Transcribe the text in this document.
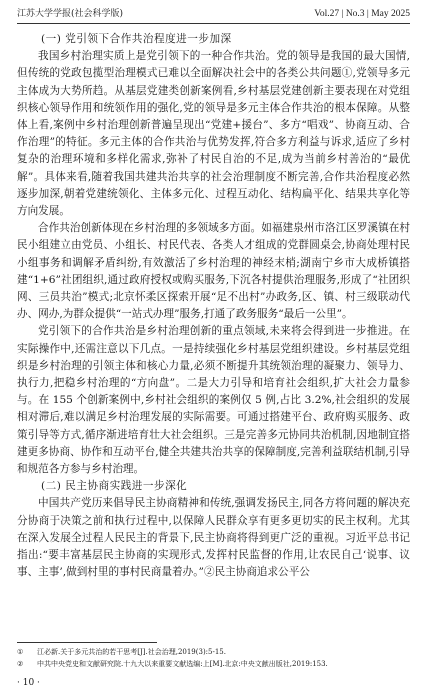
江苏大学学报(社会科学版)	Vol.27 | No.3 | May 2025
(一) 党引领下合作共治程度进一步加深

我国乡村治理实质上是党引领下的一种合作共治。党的领导是我国的最大国情,但传统的党政包揽型治理模式已难以全面解决社会中的各类公共问题①,党领导多元主体成为大势所趋。从基层党建类创新案例看,乡村基层党建创新主要表现在对党组织核心领导作用和统领作用的强化,党的领导是多元主体合作共治的根本保障。从整体上看,案例中乡村治理创新普遍呈现出“党建+援台”、多方“唱戏”、协商互动、合作治理”的特征。多元主体的合作共治与优势发挥,符合多方利益与诉求,适应了乡村复杂的治理环境和多样化需求,弥补了村民自治的不足,成为当前乡村善治的“最优解”。具体来看,随着我国共建共治共享的社会治理制度不断完善,合作共治程度必然逐步加深,朝着党建统领化、主体多元化、过程互动化、结构扁平化、结果共享化等方向发展。

合作共治创新体现在乡村治理的多领域多方面。如福建泉州市洛江区罗溪镇在村民小组建立由党员、小组长、村民代表、各类人才组成的党群圆桌会,协商处理村民小组事务和调解矛盾纠纷,有效激活了乡村治理的神经末梢;湖南宁乡市大成桥镇搭建“1+6”社团组织,通过政府授权或购买服务,下沉各村提供治理服务,形成了“社团织网、三员共治”模式;北京怀柔区探索开展“足不出村”办政务,区、镇、村三级联动代办、网办,为群众提供“一站式办理”服务,打通了政务服务“最后一公里”。

党引领下的合作共治是乡村治理创新的重点领域,未来将会得到进一步推进。在实际操作中,还需注意以下几点。一是持续强化乡村基层党组织建设。乡村基层党组织是乡村治理的引领主体和核心力量,必须不断提升其统领治理的凝聚力、领导力、执行力,把稳乡村治理的“方向盘”。二是大力引导和培育社会组织,扩大社会力量参与。在 155 个创新案例中,乡村社会组织的案例仅 5 例,占比 3.2%,社会组织的发展相对滞后,难以满足乡村治理发展的实际需要。可通过搭建平台、政府购买服务、政策引导等方式,循序渐进培育壮大社会组织。三是完善多元协同共治机制,因地制宜搭建更多协商、协作和互动平台,健全共建共治共享的保障制度,完善利益联结机制,引导和规范各方参与乡村治理。

(二) 民主协商实践进一步深化

中国共产党历来倡导民主协商精神和传统,强调发扬民主,同各方将问题的解决充分协商于决策之前和执行过程中,以保障人民群众享有更多更切实的民主权利。尤其在深入发展全过程人民民主的背景下,民主协商将得到更广泛的重视。习近平总书记指出:“要丰富基层民主协商的实现形式,发挥村民监督的作用,让农民自己‘说事、议事、主事’,做到村里的事村民商量着办。”②民主协商追求公平公

①	江必新.关于多元共治的若干思考[J].社会治理,2019(3):5-15.
②	中共中央党史和文献研究院.十九大以来重要文献选编:上[M].北京:中央文献出版社,2019:153.
· 10 ·
